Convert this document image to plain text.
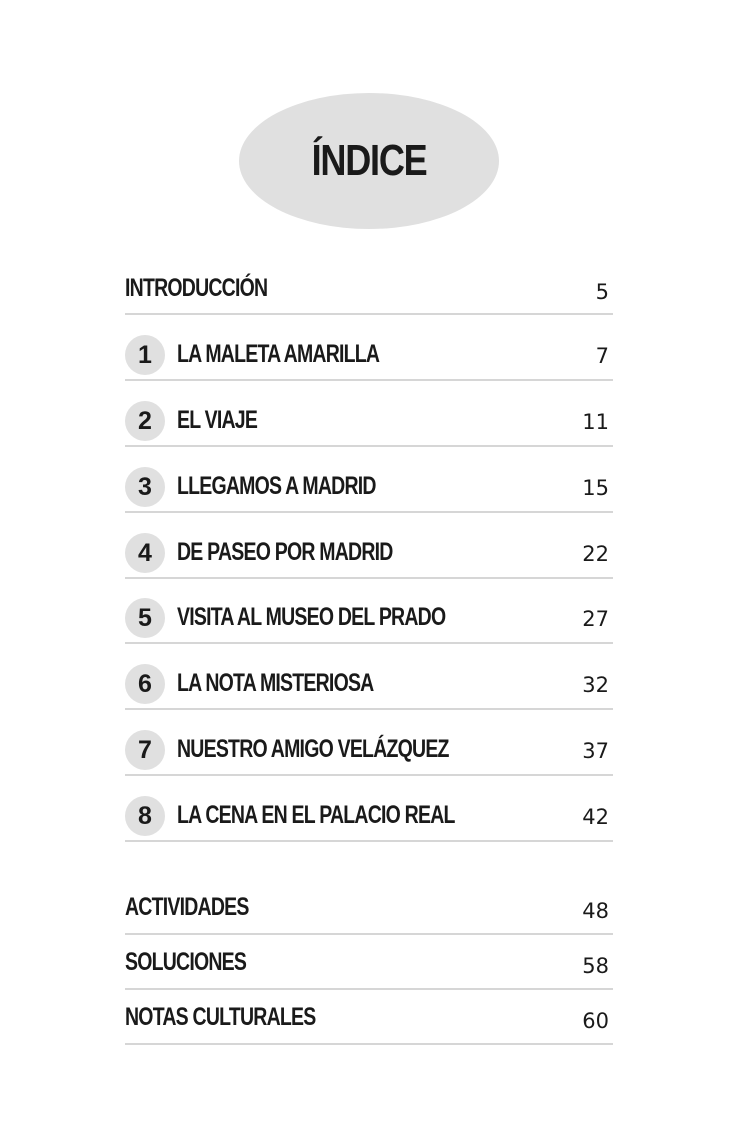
ÍNDICE
INTRODUCCIÓN	5
1	LA MALETA AMARILLA	7
2	EL VIAJE	11
3	LLEGAMOS A MADRID	15
4	DE PASEO POR MADRID	22
5	VISITA AL MUSEO DEL PRADO	27
6	LA NOTA MISTERIOSA	32
7	NUESTRO AMIGO VELÁZQUEZ	37
8	LA CENA EN EL PALACIO REAL	42
ACTIVIDADES	48
SOLUCIONES	58
NOTAS CULTURALES	60
